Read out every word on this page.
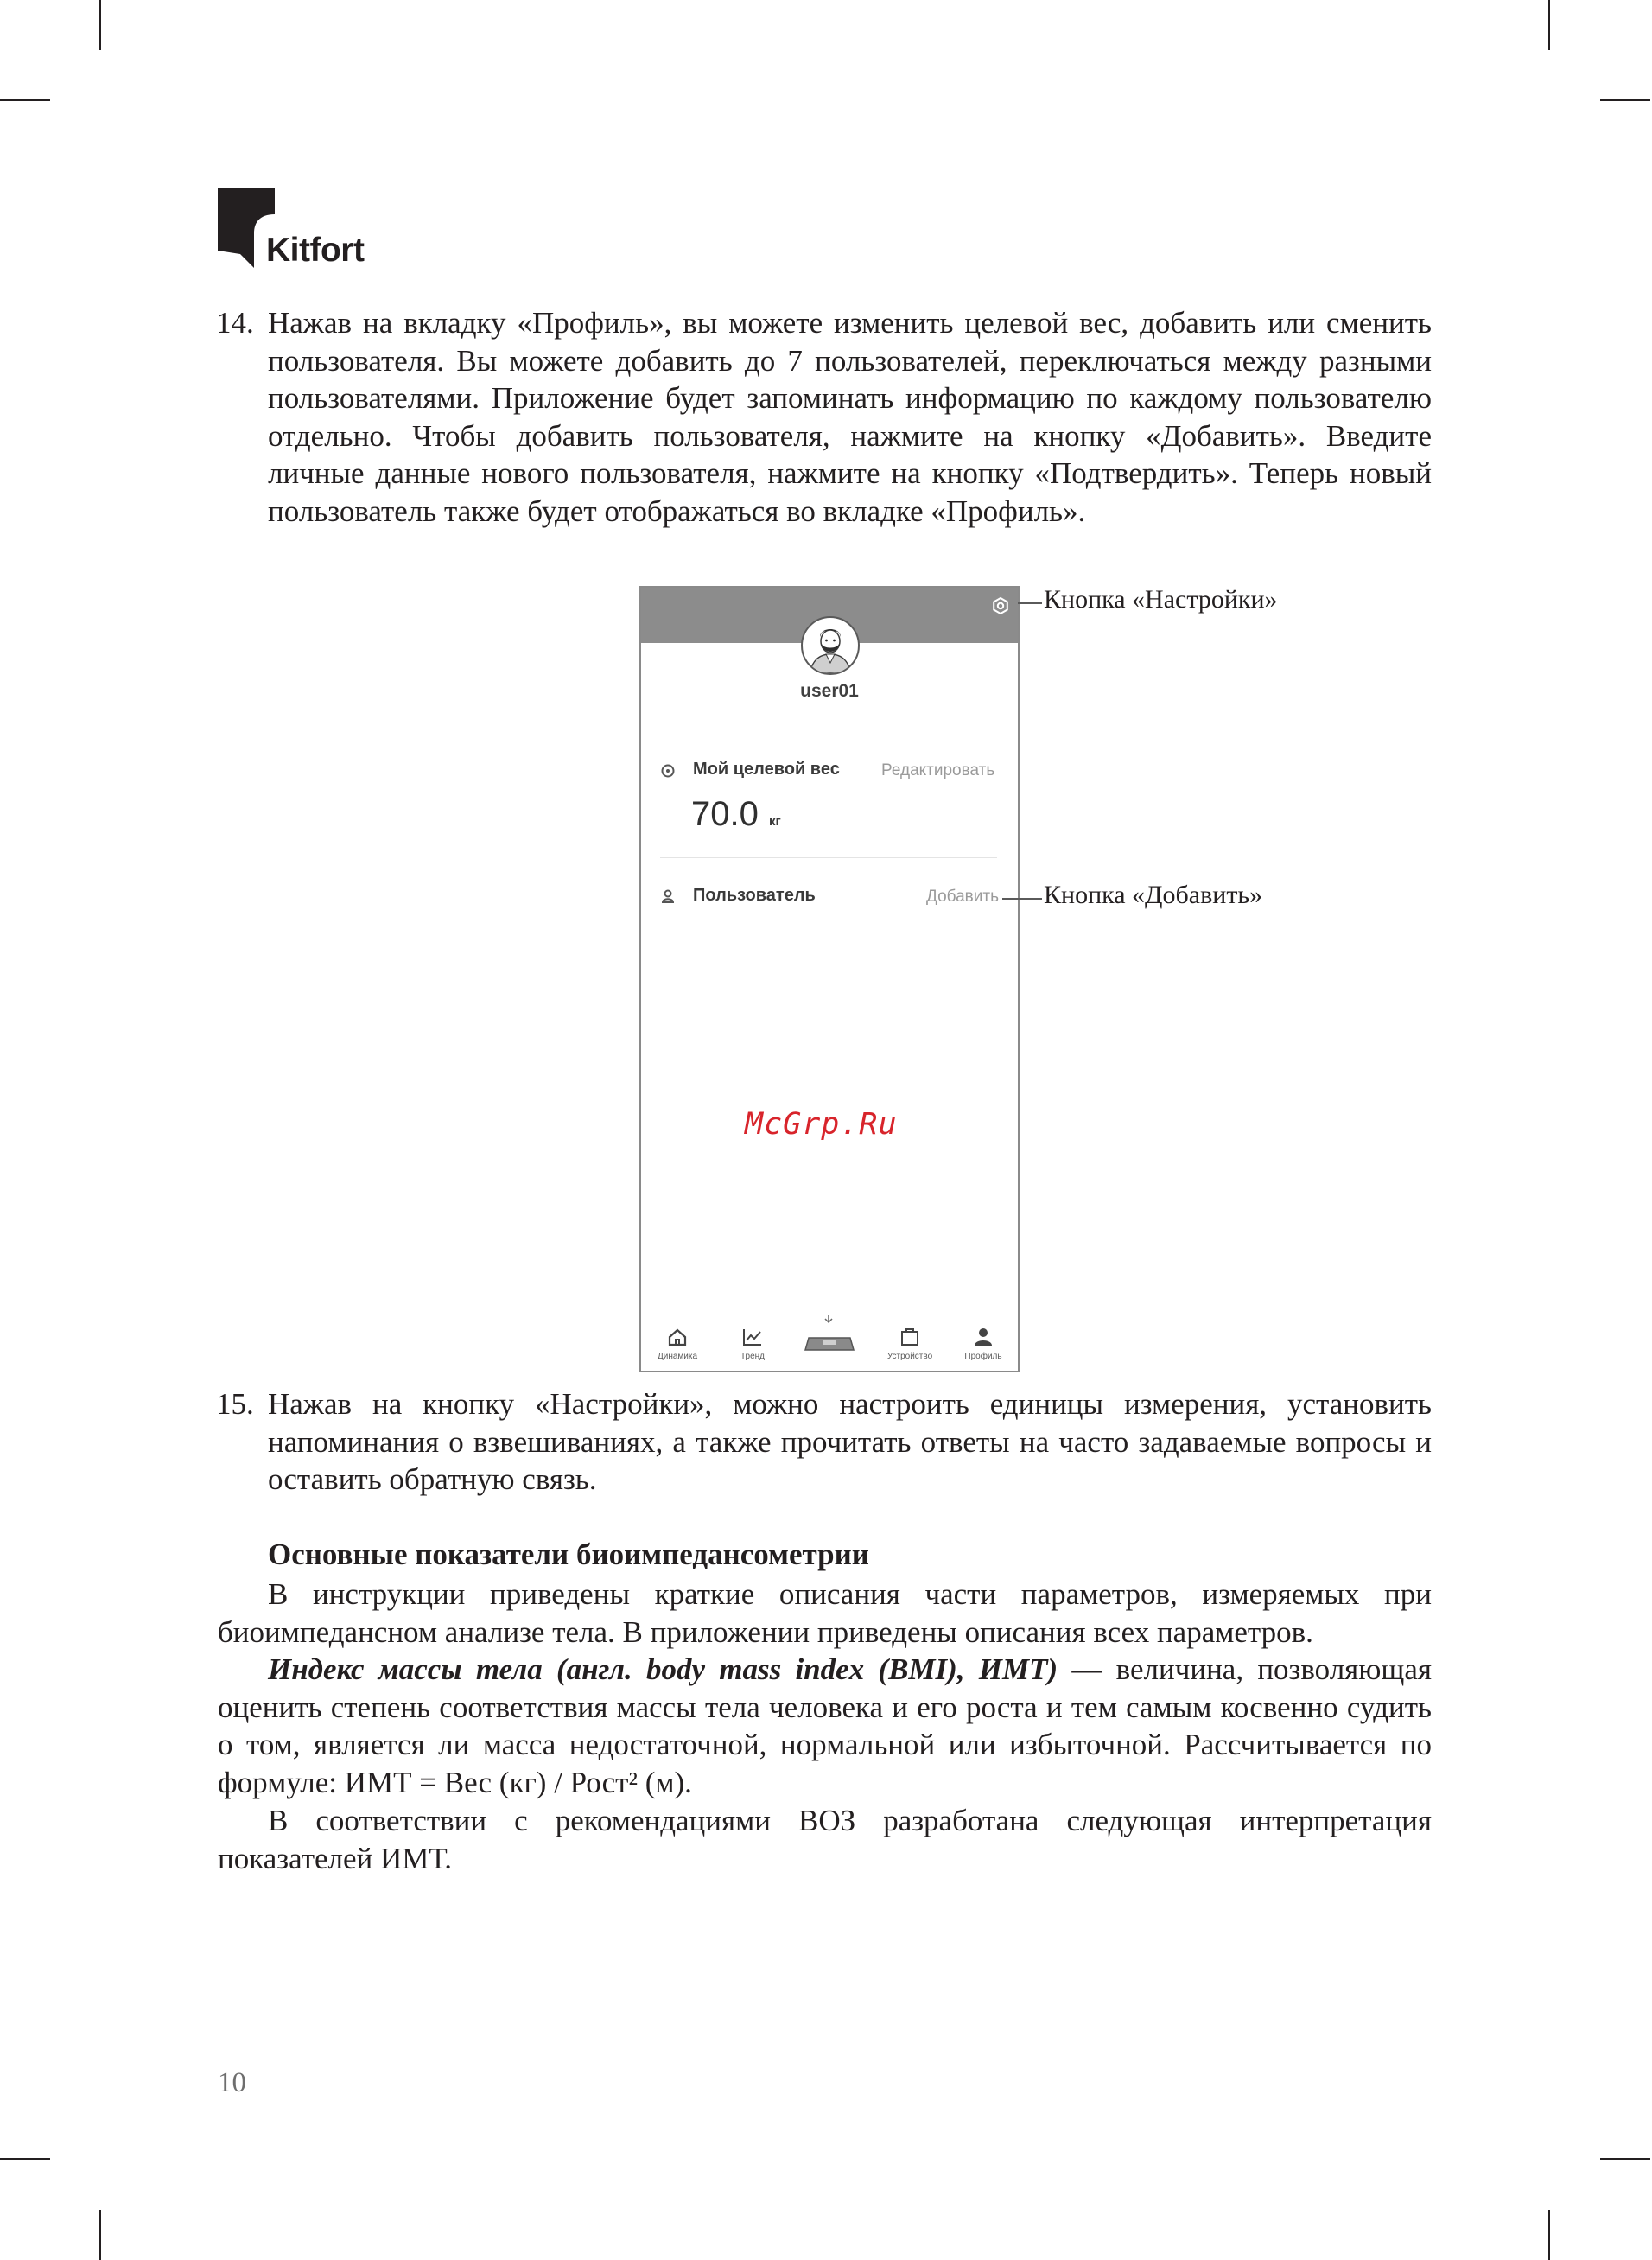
Kitfort

14. Нажав на вкладку «Профиль», вы можете изменить целевой вес, добавить или сменить пользователя. Вы можете добавить до 7 пользователей, переключаться между разными пользователями. Приложение будет запоминать информацию по каждому пользователю отдельно. Чтобы добавить пользователя, нажмите на кнопку «Добавить». Введите личные данные нового пользователя, нажмите на кнопку «Подтвердить». Теперь новый пользователь также будет отображаться во вкладке «Профиль».

user01
Мой целевой вес	Редактировать
70.0 кг
Пользователь	Добавить
Динамика	Тренд	Устройство	Профиль
Кнопка «Настройки»
Кнопка «Добавить»
McGrp.Ru

15. Нажав на кнопку «Настройки», можно настроить единицы измерения, установить напоминания о взвешиваниях, а также прочитать ответы на часто задаваемые вопросы и оставить обратную связь.

Основные показатели биоимпедансометрии

В инструкции приведены краткие описания части параметров, измеряемых при биоимпедансном анализе тела. В приложении приведены описания всех параметров.

Индекс массы тела (англ. body mass index (BMI), ИМТ) — величина, позволяющая оценить степень соответствия массы тела человека и его роста и тем самым косвенно судить о том, является ли масса недостаточной, нормальной или избыточной. Рассчитывается по формуле: ИМТ = Вес (кг) / Рост² (м).

В соответствии с рекомендациями ВОЗ разработана следующая интерпретация показателей ИМТ.

10
